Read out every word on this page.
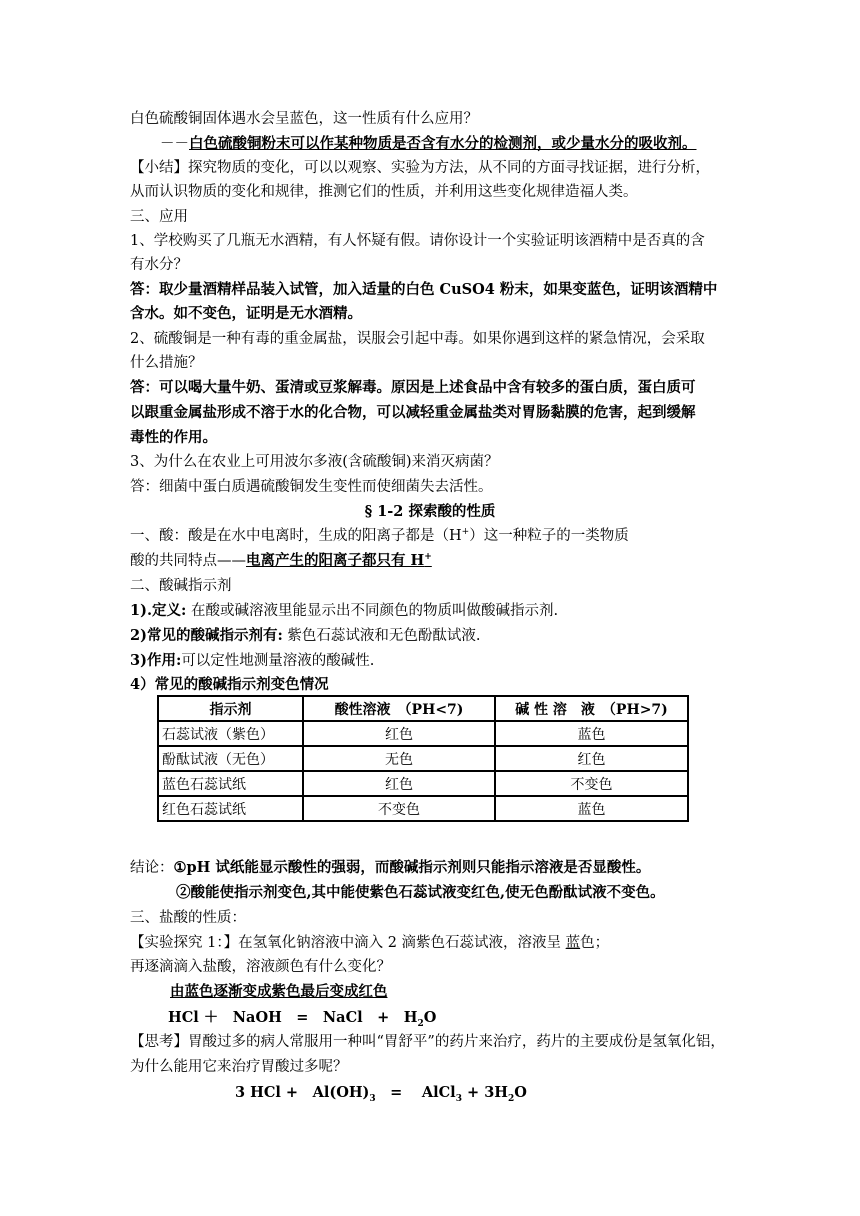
白色硫酸铜固体遇水会呈蓝色，这一性质有什么应用？
－－白色硫酸铜粉末可以作某种物质是否含有水分的检测剂，或少量水分的吸收剂。
【小结】探究物质的变化，可以以观察、实验为方法，从不同的方面寻找证据，进行分析，
从而认识物质的变化和规律，推测它们的性质，并利用这些变化规律造福人类。
三、应用
1、学校购买了几瓶无水酒精，有人怀疑有假。请你设计一个实验证明该酒精中是否真的含
有水分？
答：取少量酒精样品装入试管，加入适量的白色 CuSO4 粉末，如果变蓝色，证明该酒精中
含水。如不变色，证明是无水酒精。
2、硫酸铜是一种有毒的重金属盐，误服会引起中毒。如果你遇到这样的紧急情况，会采取
什么措施？
答：可以喝大量牛奶、蛋清或豆浆解毒。原因是上述食品中含有较多的蛋白质，蛋白质可
以跟重金属盐形成不溶于水的化合物，可以减轻重金属盐类对胃肠黏膜的危害，起到缓解
毒性的作用。
3、为什么在农业上可用波尔多液(含硫酸铜)来消灭病菌？
答：细菌中蛋白质遇硫酸铜发生变性而使细菌失去活性。
§ 1-2 探索酸的性质
一、酸：酸是在水中电离时，生成的阳离子都是（H+）这一种粒子的一类物质
酸的共同特点——电离产生的阳离子都只有 H+
二、酸碱指示剂
1).定义: 在酸或碱溶液里能显示出不同颜色的物质叫做酸碱指示剂.
2)常见的酸碱指示剂有: 紫色石蕊试液和无色酚酞试液.
3)作用:可以定性地测量溶液的酸碱性.
4）常见的酸碱指示剂变色情况
指示剂	酸性溶液　（PH<7)	碱 性 溶　液　（PH>7)
石蕊试液（紫色）	红色	蓝色
酚酞试液（无色）	无色	红色
蓝色石蕊试纸	红色	不变色
红色石蕊试纸	不变色	蓝色
结论：①pH 试纸能显示酸性的强弱，而酸碱指示剂则只能指示溶液是否显酸性。
②酸能使指示剂变色,其中能使紫色石蕊试液变红色,使无色酚酞试液不变色。
三、盐酸的性质：
【实验探究 1：】在氢氧化钠溶液中滴入 2 滴紫色石蕊试液，溶液呈 蓝色；
再逐滴滴入盐酸，溶液颜色有什么变化？
由蓝色逐渐变成紫色最后变成红色
HCl ＋　NaOH　=　NaCl　+　$H_2O$
【思考】胃酸过多的病人常服用一种叫“胃舒平”的药片来治疗，药片的主要成份是氢氧化铝，
为什么能用它来治疗胃酸过多呢？
3 HCl +　$Al(OH)_3$　=　 AlCl$_3$ + $3H_2O$
